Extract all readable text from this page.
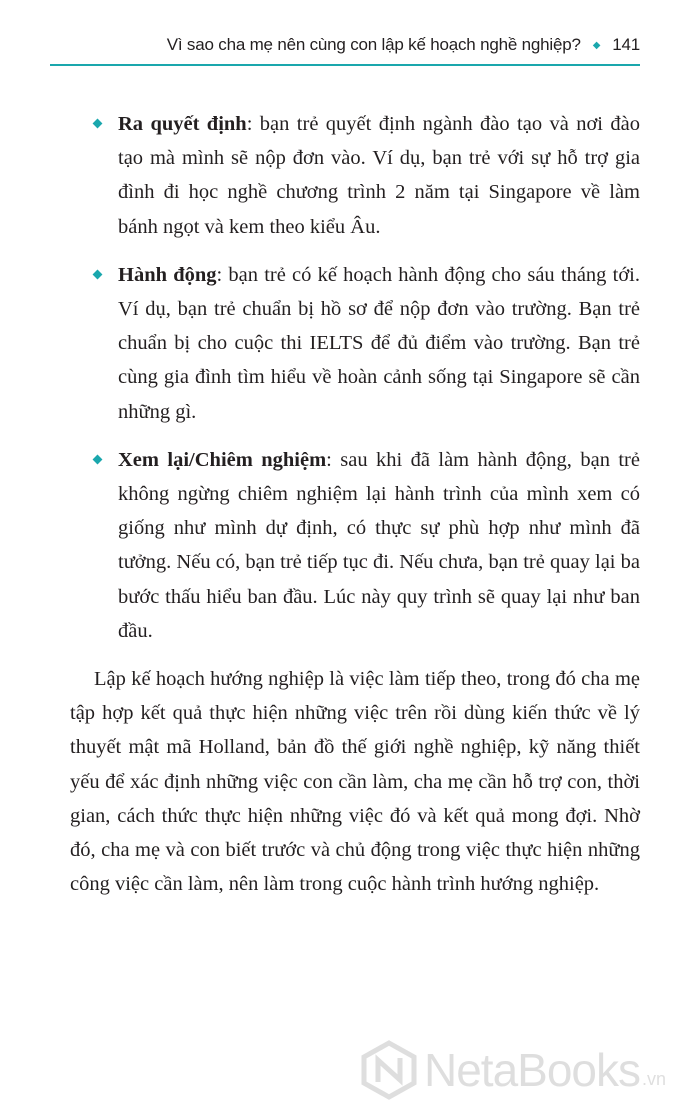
Vì sao cha mẹ nên cùng con lập kế hoạch nghề nghiệp? ◆ 141
Ra quyết định: bạn trẻ quyết định ngành đào tạo và nơi đào tạo mà mình sẽ nộp đơn vào. Ví dụ, bạn trẻ với sự hỗ trợ gia đình đi học nghề chương trình 2 năm tại Singapore về làm bánh ngọt và kem theo kiểu Âu.
Hành động: bạn trẻ có kế hoạch hành động cho sáu tháng tới. Ví dụ, bạn trẻ chuẩn bị hồ sơ để nộp đơn vào trường. Bạn trẻ chuẩn bị cho cuộc thi IELTS để đủ điểm vào trường. Bạn trẻ cùng gia đình tìm hiểu về hoàn cảnh sống tại Singapore sẽ cần những gì.
Xem lại/Chiêm nghiệm: sau khi đã làm hành động, bạn trẻ không ngừng chiêm nghiệm lại hành trình của mình xem có giống như mình dự định, có thực sự phù hợp như mình đã tưởng. Nếu có, bạn trẻ tiếp tục đi. Nếu chưa, bạn trẻ quay lại ba bước thấu hiểu ban đầu. Lúc này quy trình sẽ quay lại như ban đầu.

Lập kế hoạch hướng nghiệp là việc làm tiếp theo, trong đó cha mẹ tập hợp kết quả thực hiện những việc trên rồi dùng kiến thức về lý thuyết mật mã Holland, bản đồ thế giới nghề nghiệp, kỹ năng thiết yếu để xác định những việc con cần làm, cha mẹ cần hỗ trợ con, thời gian, cách thức thực hiện những việc đó và kết quả mong đợi. Nhờ đó, cha mẹ và con biết trước và chủ động trong việc thực hiện những công việc cần làm, nên làm trong cuộc hành trình hướng nghiệp.

NetaBooks .vn
